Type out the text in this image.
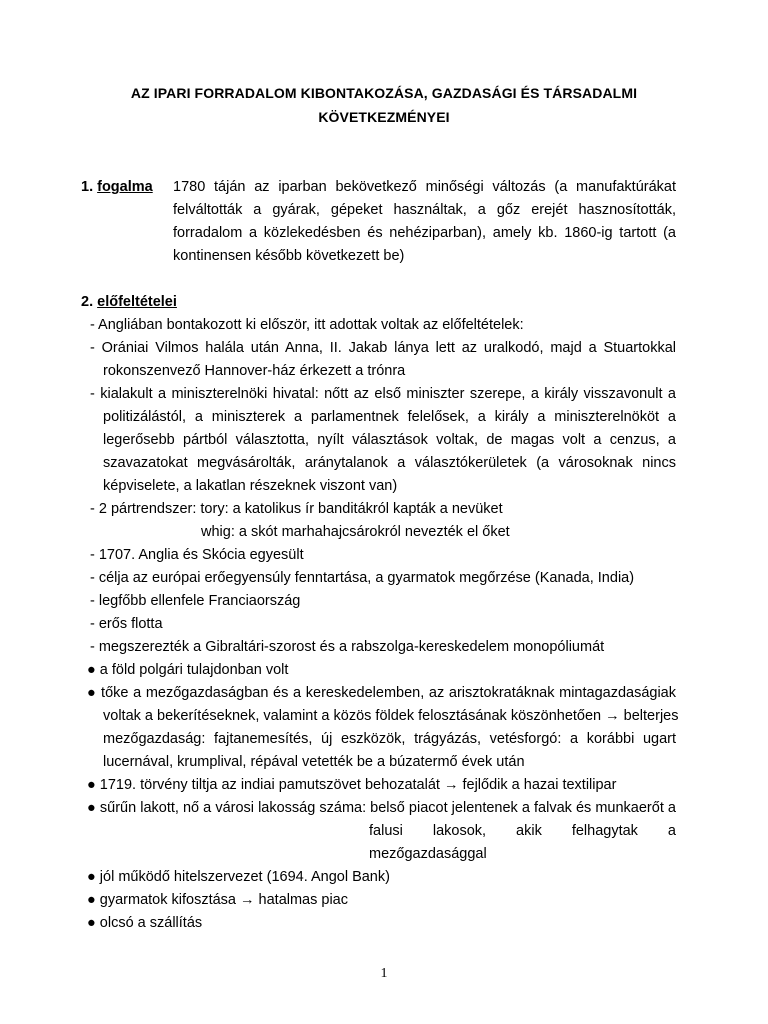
AZ IPARI FORRADALOM KIBONTAKOZÁSA, GAZDASÁGI ÉS TÁRSADALMI
KÖVETKEZMÉNYEI
1. fogalma 1780 táján az iparban bekövetkező minőségi változás (a manufaktúrákat
felváltották a gyárak, gépeket használtak, a gőz erejét hasznosították,
forradalom a közlekedésben és nehéziparban), amely kb. 1860-ig tartott (a
kontinensen később következett be)
2. előfeltételei
- Angliában bontakozott ki először, itt adottak voltak az előfeltételek:
- Orániai Vilmos halála után Anna, II. Jakab lánya lett az uralkodó, majd a Stuartokkal
rokonszenvező Hannover-ház érkezett a trónra
- kialakult a miniszterelnöki hivatal: nőtt az első miniszter szerepe, a király visszavonult a
politizálástól, a miniszterek a parlamentnek felelősek, a király a miniszterelnököt a
legerősebb pártból választotta, nyílt választások voltak, de magas volt a cenzus, a
szavazatokat megvásárolták, aránytalanok a választókerületek (a városoknak nincs
képviselete, a lakatlan részeknek viszont van)
- 2 pártrendszer: tory: a katolikus ír banditákról kapták a nevüket
whig: a skót marhahajcsárokról nevezték el őket
- 1707. Anglia és Skócia egyesült
- célja az európai erőegyensúly fenntartása, a gyarmatok megőrzése (Kanada, India)
- legfőbb ellenfele Franciaország
- erős flotta
- megszerezték a Gibraltári-szorost és a rabszolga-kereskedelem monopóliumát
● a föld polgári tulajdonban volt
● tőke a mezőgazdaságban és a kereskedelemben, az arisztokratáknak mintagazdaságiak
voltak a bekerítéseknek, valamint a közös földek felosztásának köszönhetően → belterjes
mezőgazdaság: fajtanemesítés, új eszközök, trágyázás, vetésforgó: a korábbi ugart
lucernával, krumplival, répával vetették be a búzatermő évek után
● 1719. törvény tiltja az indiai pamutszövet behozatalát → fejlődik a hazai textilipar
● sűrűn lakott, nő a városi lakosság száma: belső piacot jelentenek a falvak és munkaerőt a
falusi lakosok, akik felhagytak a
mezőgazdasággal
● jól működő hitelszervezet (1694. Angol Bank)
● gyarmatok kifosztása → hatalmas piac
● olcsó a szállítás
1
